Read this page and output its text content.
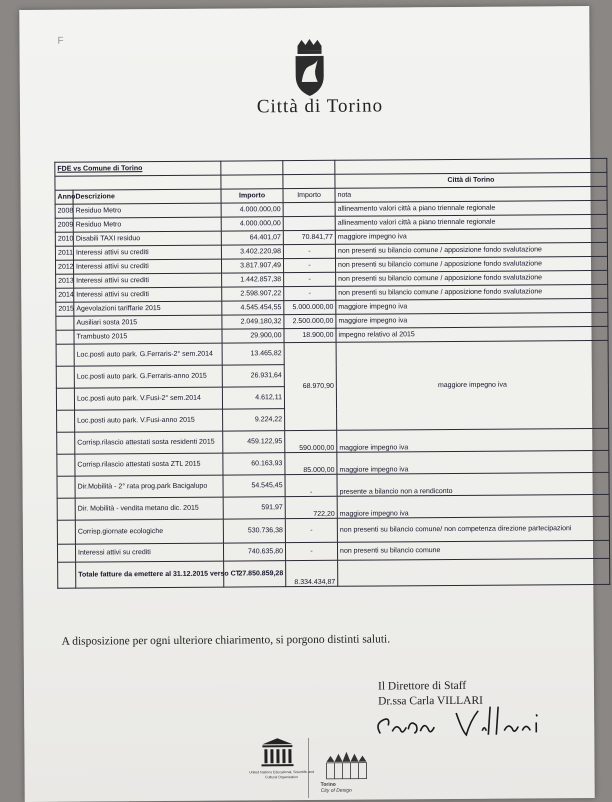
F
Città di Torino
FDE vs Comune di Torino				
				Città di Torino
Anno	Descrizione	Importo	Importo	nota
2008	Residuo Metro	4.000.000,00		allineamento valori città a piano triennale regionale
2009	Residuo Metro	4.000.000,00		allineamento valori città a piano triennale regionale
2010	Disabili TAXI residuo	64.401,07	70.841,77	maggiore impegno iva
2011	Interessi attivi su crediti	3.402.220,98	-	non presenti su bilancio comune / apposizione fondo svalutazione
2012	Interessi attivi su crediti	3.817.907,49	-	non presenti su bilancio comune / apposizione fondo svalutazione
2013	Interessi attivi su crediti	1.442.857,38	-	non presenti su bilancio comune / apposizione fondo svalutazione
2014	Interessi attivi su crediti	2.598.907,22	-	non presenti su bilancio comune / apposizione fondo svalutazione
2015	Agevolazioni tariffarie 2015	4.545.454,55	5.000.000,00	maggiore impegno iva
	Ausiliari sosta 2015	2.049.180,32	2.500.000,00	maggiore impegno iva
	Trambusto 2015	29.900,00	18.900,00	impegno relativo al 2015
	Loc.posti auto park. G.Ferraris-2° sem.2014	13.465,82	68.970,90	maggiore impegno iva
	Loc.posti auto park. G.Ferraris-anno 2015	26.931,64		
	Loc.posti auto park. V.Fusi-2° sem.2014	4.612,11		
	Loc.posti auto park. V.Fusi-anno 2015	9.224,22		
	Corrisp.rilascio attestati sosta residenti 2015	459.122,95	590.000,00	maggiore impegno iva
	Corrisp.rilascio attestati sosta ZTL 2015	60.163,93	85.000,00	maggiore impegno iva
	Dir.Mobilità - 2° rata prog.park Bacigalupo	54.545,45	-	presente a bilancio non a rendiconto
	Dir. Mobilità - vendita metano dic. 2015	591,97	722,20	maggiore impegno iva
	Corrisp.giornate ecologiche	530.736,38	-	non presenti su bilancio comune/ non competenza direzione partecipazioni
	Interessi attivi su crediti	740.635,80	-	non presenti su bilancio comune
	Totale fatture da emettere al 31.12.2015 verso CT	27.850.859,28	8.334.434,87	
A disposizione per ogni ulteriore chiarimento, si porgono distinti saluti.
Il Direttore di Staff
Dr.ssa Carla VILLARI
United Nations Educational, Scientific and Cultural Organization
Torino
City of Design
